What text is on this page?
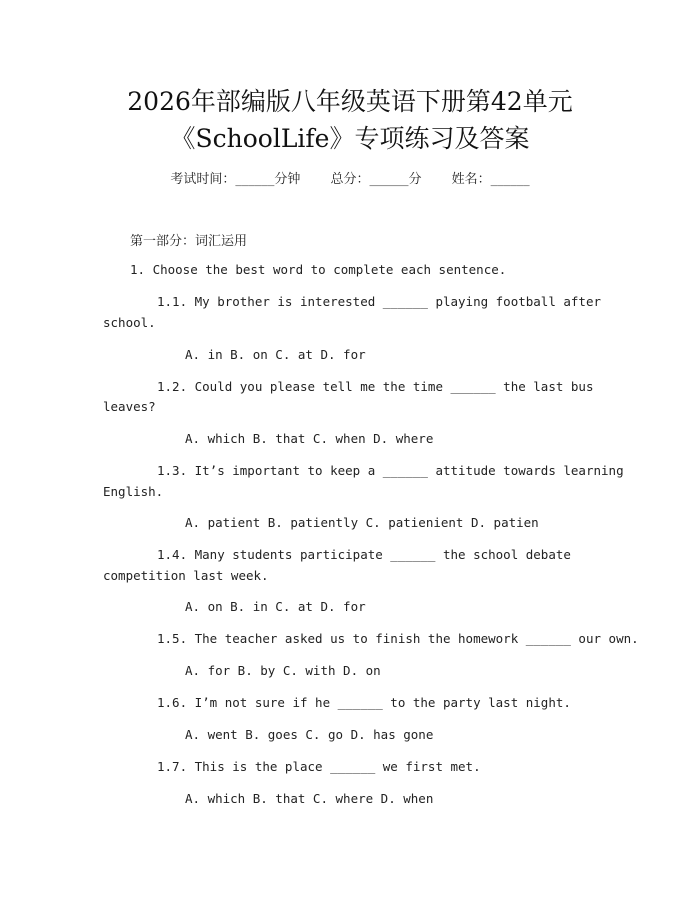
2026年部编版八年级英语下册第42单元
《SchoolLife》专项练习及答案
考试时间：______分钟 总分：______分 姓名：______
第一部分：词汇运用
1. Choose the best word to complete each sentence.
1.1. My brother is interested ______ playing football after
school.
A. in B. on C. at D. for
1.2. Could you please tell me the time ______ the last bus
leaves?
A. which B. that C. when D. where
1.3. It’s important to keep a ______ attitude towards learning
English.
A. patient B. patiently C. patienient D. patien
1.4. Many students participate ______ the school debate
competition last week.
A. on B. in C. at D. for
1.5. The teacher asked us to finish the homework ______ our own.
A. for B. by C. with D. on
1.6. I’m not sure if he ______ to the party last night.
A. went B. goes C. go D. has gone
1.7. This is the place ______ we first met.
A. which B. that C. where D. when
